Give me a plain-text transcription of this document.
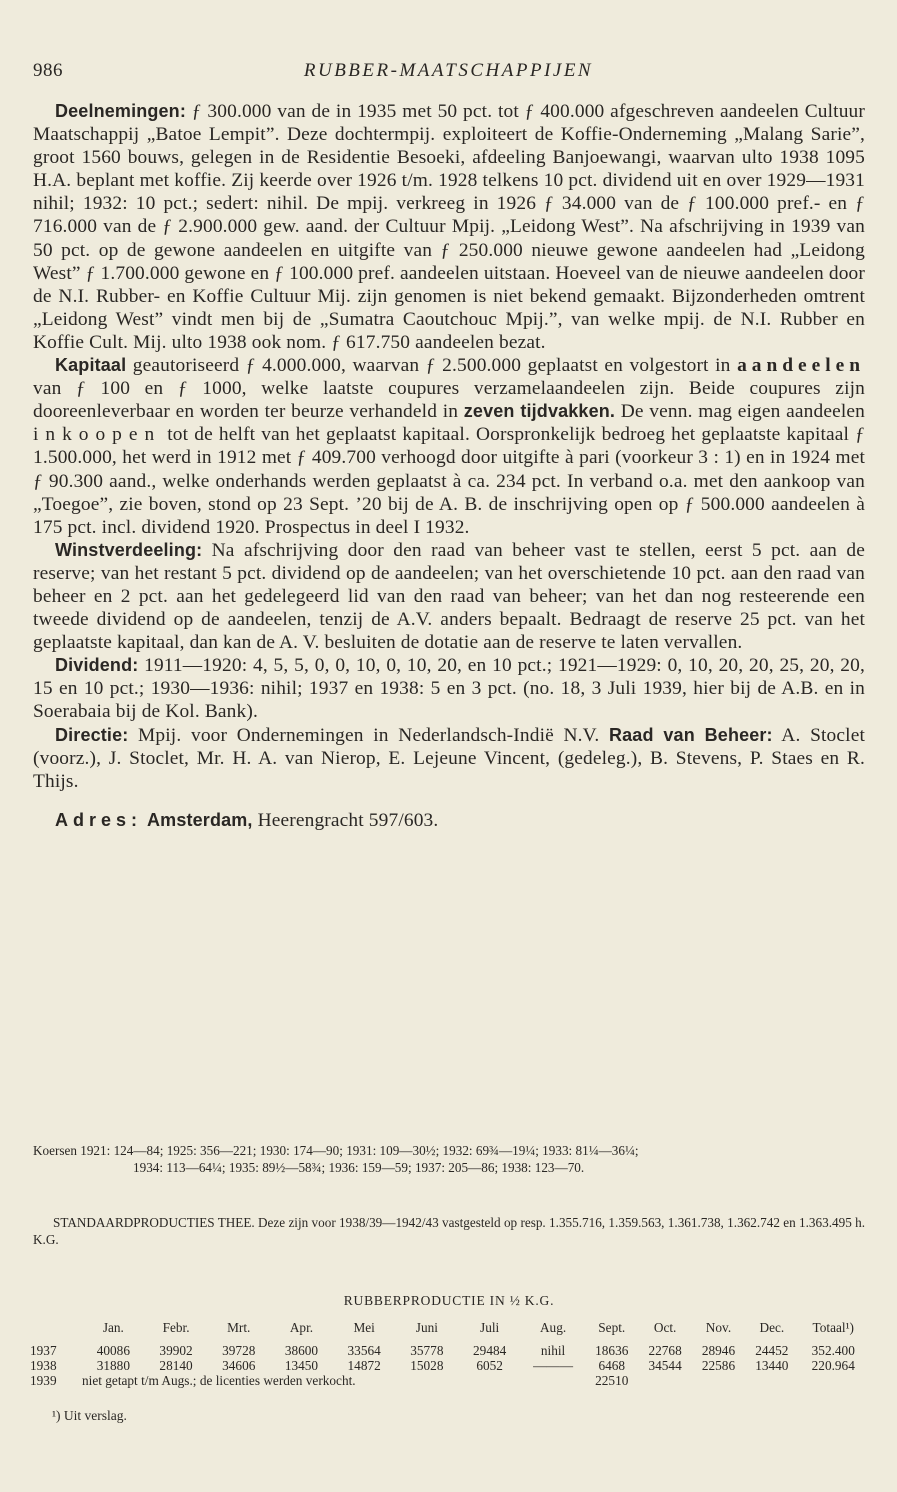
986	RUBBER-MAATSCHAPPIJEN

Deelnemingen: ƒ 300.000 van de in 1935 met 50 pct. tot ƒ 400.000 afgeschreven aandeelen Cultuur Maatschappij „Batoe Lempit”. Deze dochtermpij. exploiteert de Koffie-Onderneming „Malang Sarie”, groot 1560 bouws, gelegen in de Residentie Besoeki, afdeeling Banjoewangi, waarvan ulto 1938 1095 H.A. beplant met koffie. Zij keerde over 1926 t/m. 1928 telkens 10 pct. dividend uit en over 1929—1931 nihil; 1932: 10 pct.; sedert: nihil. De mpij. verkreeg in 1926 ƒ 34.000 van de ƒ 100.000 pref.- en ƒ 716.000 van de ƒ 2.900.000 gew. aand. der Cultuur Mpij. „Leidong West”. Na afschrijving in 1939 van 50 pct. op de gewone aandeelen en uitgifte van ƒ 250.000 nieuwe gewone aandeelen had „Leidong West” ƒ 1.700.000 gewone en ƒ 100.000 pref. aandeelen uitstaan. Hoeveel van de nieuwe aandeelen door de N.I. Rubber- en Koffie Cultuur Mij. zijn genomen is niet bekend gemaakt. Bijzonderheden omtrent „Leidong West” vindt men bij de „Sumatra Caoutchouc Mpij.”, van welke mpij. de N.I. Rubber en Koffie Cult. Mij. ulto 1938 ook nom. ƒ 617.750 aandeelen bezat.

Kapitaal geautoriseerd ƒ 4.000.000, waarvan ƒ 2.500.000 geplaatst en volgestort in aandeelen van ƒ 100 en ƒ 1000, welke laatste coupures verzamelaandeelen zijn. Beide coupures zijn dooreenleverbaar en worden ter beurze verhandeld in zeven tijdvakken. De venn. mag eigen aandeelen inkoopen tot de helft van het geplaatst kapitaal. Oorspronkelijk bedroeg het geplaatste kapitaal ƒ 1.500.000, het werd in 1912 met ƒ 409.700 verhoogd door uitgifte à pari (voorkeur 3 : 1) en in 1924 met ƒ 90.300 aand., welke onderhands werden geplaatst à ca. 234 pct. In verband o.a. met den aankoop van „Toegoe”, zie boven, stond op 23 Sept. ’20 bij de A. B. de inschrijving open op ƒ 500.000 aandeelen à 175 pct. incl. dividend 1920. Prospectus in deel I 1932.

Winstverdeeling: Na afschrijving door den raad van beheer vast te stellen, eerst 5 pct. aan de reserve; van het restant 5 pct. dividend op de aandeelen; van het overschietende 10 pct. aan den raad van beheer en 2 pct. aan het gedelegeerd lid van den raad van beheer; van het dan nog resteerende een tweede dividend op de aandeelen, tenzij de A.V. anders bepaalt. Bedraagt de reserve 25 pct. van het geplaatste kapitaal, dan kan de A. V. besluiten de dotatie aan de reserve te laten vervallen.

Dividend: 1911—1920: 4, 5, 5, 0, 0, 10, 0, 10, 20, en 10 pct.; 1921—1929: 0, 10, 20, 20, 25, 20, 20, 15 en 10 pct.; 1930—1936: nihil; 1937 en 1938: 5 en 3 pct. (no. 18, 3 Juli 1939, hier bij de A.B. en in Soerabaia bij de Kol. Bank).

Directie: Mpij. voor Ondernemingen in Nederlandsch-Indië N.V. Raad van Beheer: A. Stoclet (voorz.), J. Stoclet, Mr. H. A. van Nierop, E. Lejeune Vincent, (gedeleg.), B. Stevens, P. Staes en R. Thijs.

Adres: Amsterdam, Heerengracht 597/603.

Koersen 1921: 124—84; 1925: 356—221; 1930: 174—90; 1931: 109—30½; 1932: 69¾—19¼; 1933: 81¼—36¼;
1934: 113—64¼; 1935: 89½—58¾; 1936: 159—59; 1937: 205—86; 1938: 123—70.
STANDAARDPRODUCTIES THEE. Deze zijn voor 1938/39—1942/43 vastgesteld op resp. 1.355.716, 1.359.563, 1.361.738, 1.362.742 en 1.363.495 h. K.G.
RUBBERPRODUCTIE IN ½ K.G.
	Jan.	Febr.	Mrt.	Apr.	Mei	Juni	Juli	Aug.	Sept.	Oct.	Nov.	Dec.	Totaal¹)
1937	40086	39902	39728	38600	33564	35778	29484	nihil	18636	22768	28946	24452	352.400
1938	31880	28140	34606	13450	14872	15028	6052	———	6468	34544	22586	13440	220.964
1939	niet getapt t/m Augs.; de licenties werden verkocht.								22510				
¹) Uit verslag.
